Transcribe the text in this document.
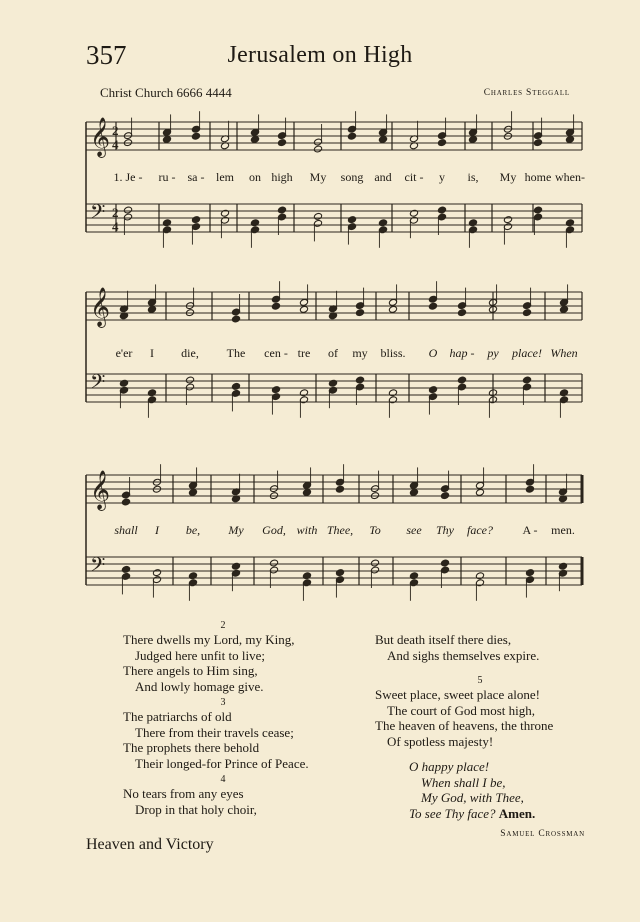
357	Jerusalem on High
Christ Church 6666 4444	Charles Steggall
𝄞 2
4
𝄢 2
4
1. Je - ru - sa - lem on high My song and cit - y is, My home when-
𝄞
𝄢
e'er I die, The cen - tre of my bliss. O hap - py place! When
𝄞
𝄢
shall I be, My God, with Thee, To see Thy face? A - men.
2
There dwells my Lord, my King,
Judged here unfit to live;
There angels to Him sing,
And lowly homage give.
3
The patriarchs of old
There from their travels cease;
The prophets there behold
Their longed-for Prince of Peace.
4
No tears from any eyes
Drop in that holy choir,
But death itself there dies,
And sighs themselves expire.
5
Sweet place, sweet place alone!
The court of God most high,
The heaven of heavens, the throne
Of spotless majesty!
O happy place!
When shall I be,
My God, with Thee,
To see Thy face? Amen.
Samuel Crossman
Heaven and Victory
